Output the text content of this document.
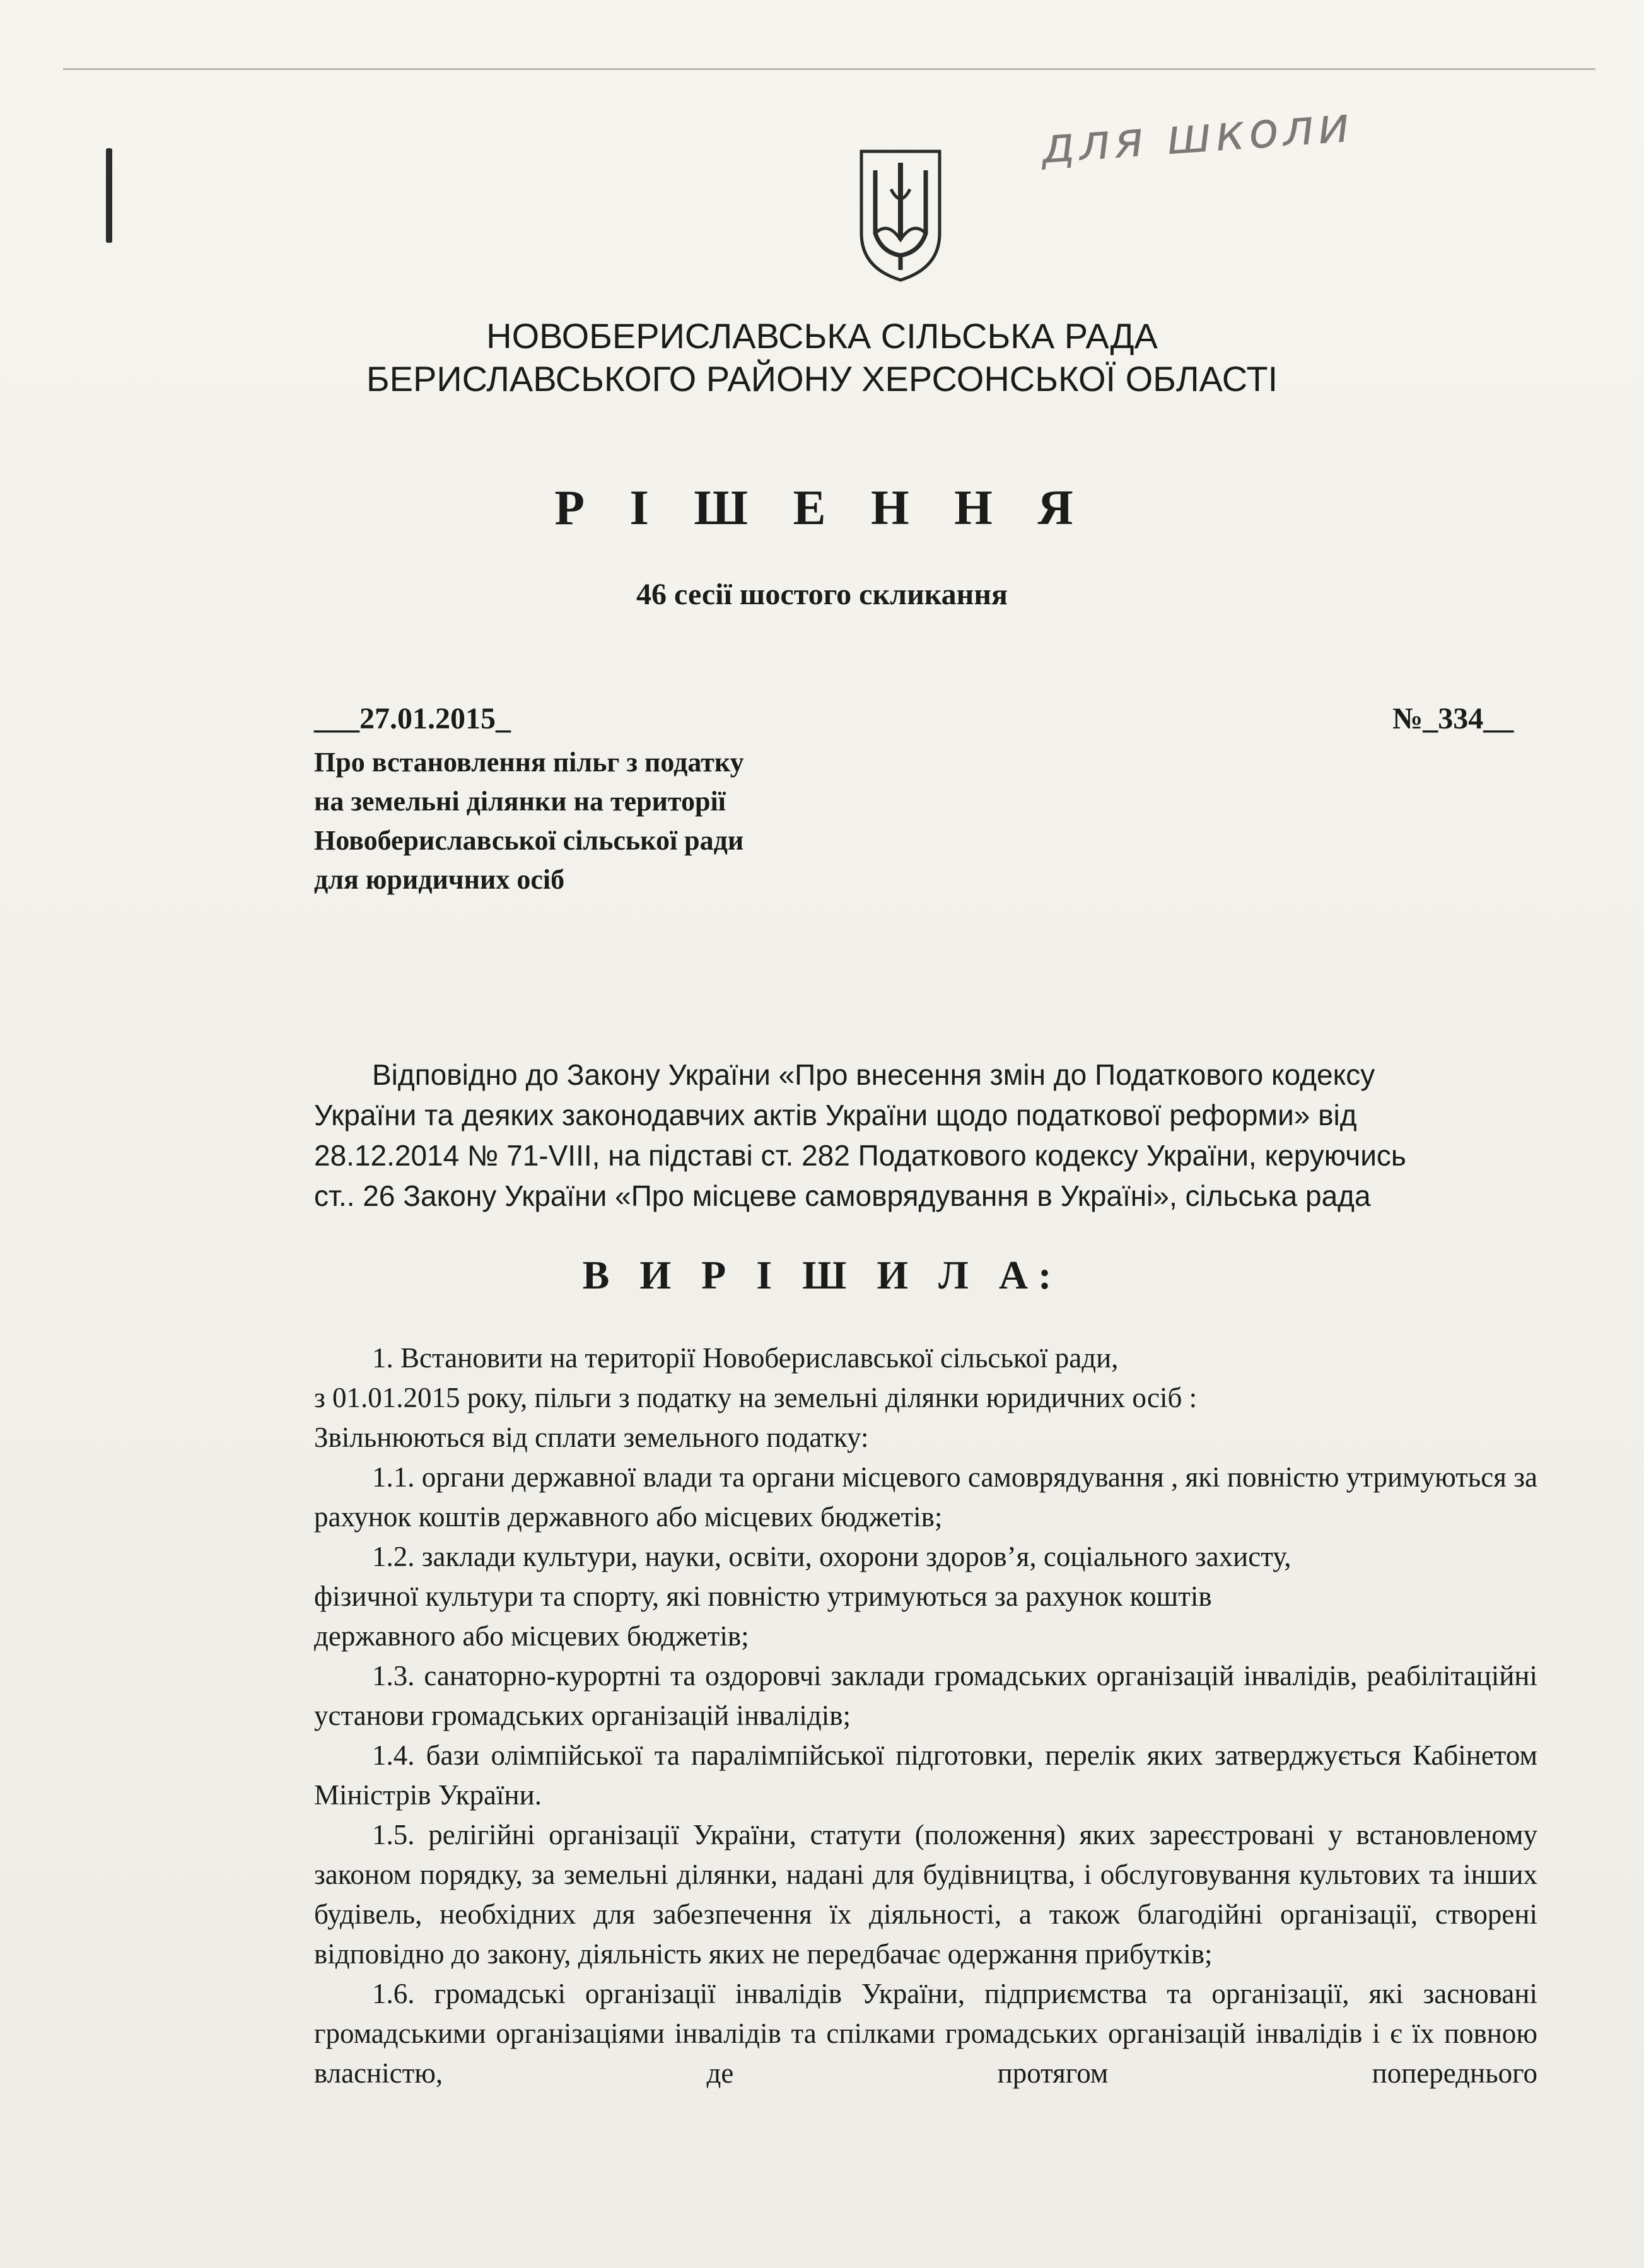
для школи
НОВОБЕРИСЛАВСЬКА СІЛЬСЬКА РАДА
БЕРИСЛАВСЬКОГО РАЙОНУ ХЕРСОНСЬКОЇ ОБЛАСТІ
Р І Ш Е Н Н Я
46 сесії шостого скликання
___27.01.2015_	№_334__
Про встановлення пільг з податку
на земельні ділянки на території
Новобериславської сільської ради
для юридичних осіб
Відповідно до Закону України «Про внесення змін до Податкового кодексу
України та деяких законодавчих актів України щодо податкової реформи» від
28.12.2014 № 71-VIII, на підставі ст. 282 Податкового кодексу України, керуючись
ст.. 26 Закону України «Про місцеве самоврядування в Україні», сільська рада
В И Р І Ш И Л А:

1. Встановити на території Новобериславської сільської ради,

з 01.01.2015 року, пільги з податку на земельні ділянки юридичних осіб :

Звільнюються від сплати земельного податку:

1.1. органи державної влади та органи місцевого самоврядування , які повністю утримуються за рахунок коштів державного або місцевих бюджетів;

1.2. заклади культури, науки, освіти, охорони здоров’я, соціального захисту,

фізичної культури та спорту, які повністю утримуються за рахунок коштів

державного або місцевих бюджетів;

1.3. санаторно-курортні та оздоровчі заклади громадських організацій інвалідів, реабілітаційні установи громадських організацій інвалідів;

1.4. бази олімпійської та паралімпійської підготовки, перелік яких затверджується Кабінетом Міністрів України.

1.5. релігійні організації України, статути (положення) яких зареєстровані у встановленому законом порядку, за земельні ділянки, надані для будівництва, і обслуговування культових та інших будівель, необхідних для забезпечення їх діяльності, а також благодійні організації, створені відповідно до закону, діяльність яких не передбачає одержання прибутків;

1.6. громадські організації інвалідів України, підприємства та організації, які засновані громадськими організаціями інвалідів та спілками громадських організацій інвалідів і є їх повною власністю, де протягом попереднього
